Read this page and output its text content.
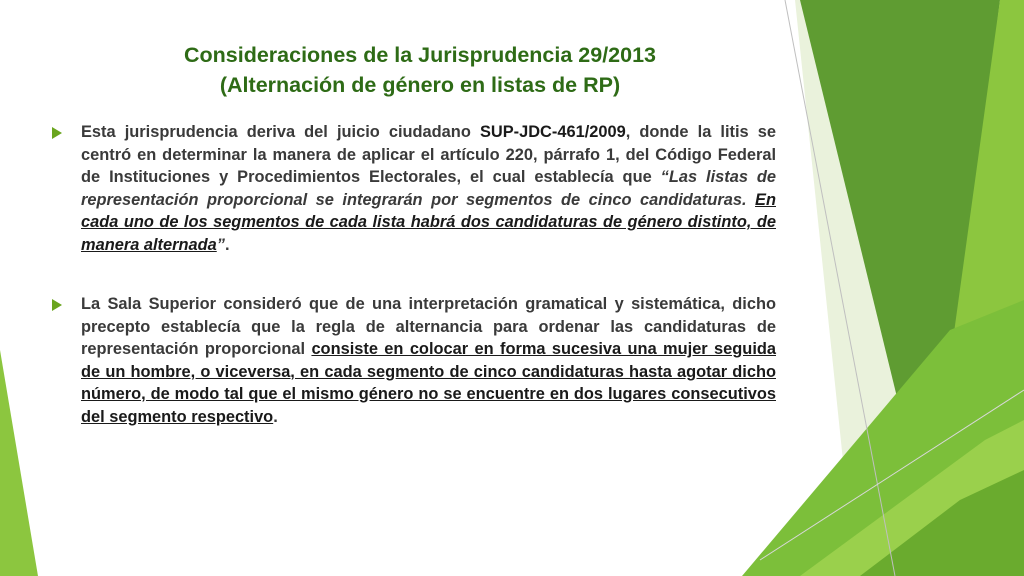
Consideraciones de la Jurisprudencia 29/2013
(Alternación de género en listas de RP)
Esta jurisprudencia deriva del juicio ciudadano SUP-JDC-461/2009, donde la litis se centró en determinar la manera de aplicar el artículo 220, párrafo 1, del Código Federal de Instituciones y Procedimientos Electorales, el cual establecía que “Las listas de representación proporcional se integrarán por segmentos de cinco candidaturas. En cada uno de los segmentos de cada lista habrá dos candidaturas de género distinto, de manera alternada”.
La Sala Superior consideró que de una interpretación gramatical y sistemática, dicho precepto establecía que la regla de alternancia para ordenar las candidaturas de representación proporcional consiste en colocar en forma sucesiva una mujer seguida de un hombre, o viceversa, en cada segmento de cinco candidaturas hasta agotar dicho número, de modo tal que el mismo género no se encuentre en dos lugares consecutivos del segmento respectivo.
